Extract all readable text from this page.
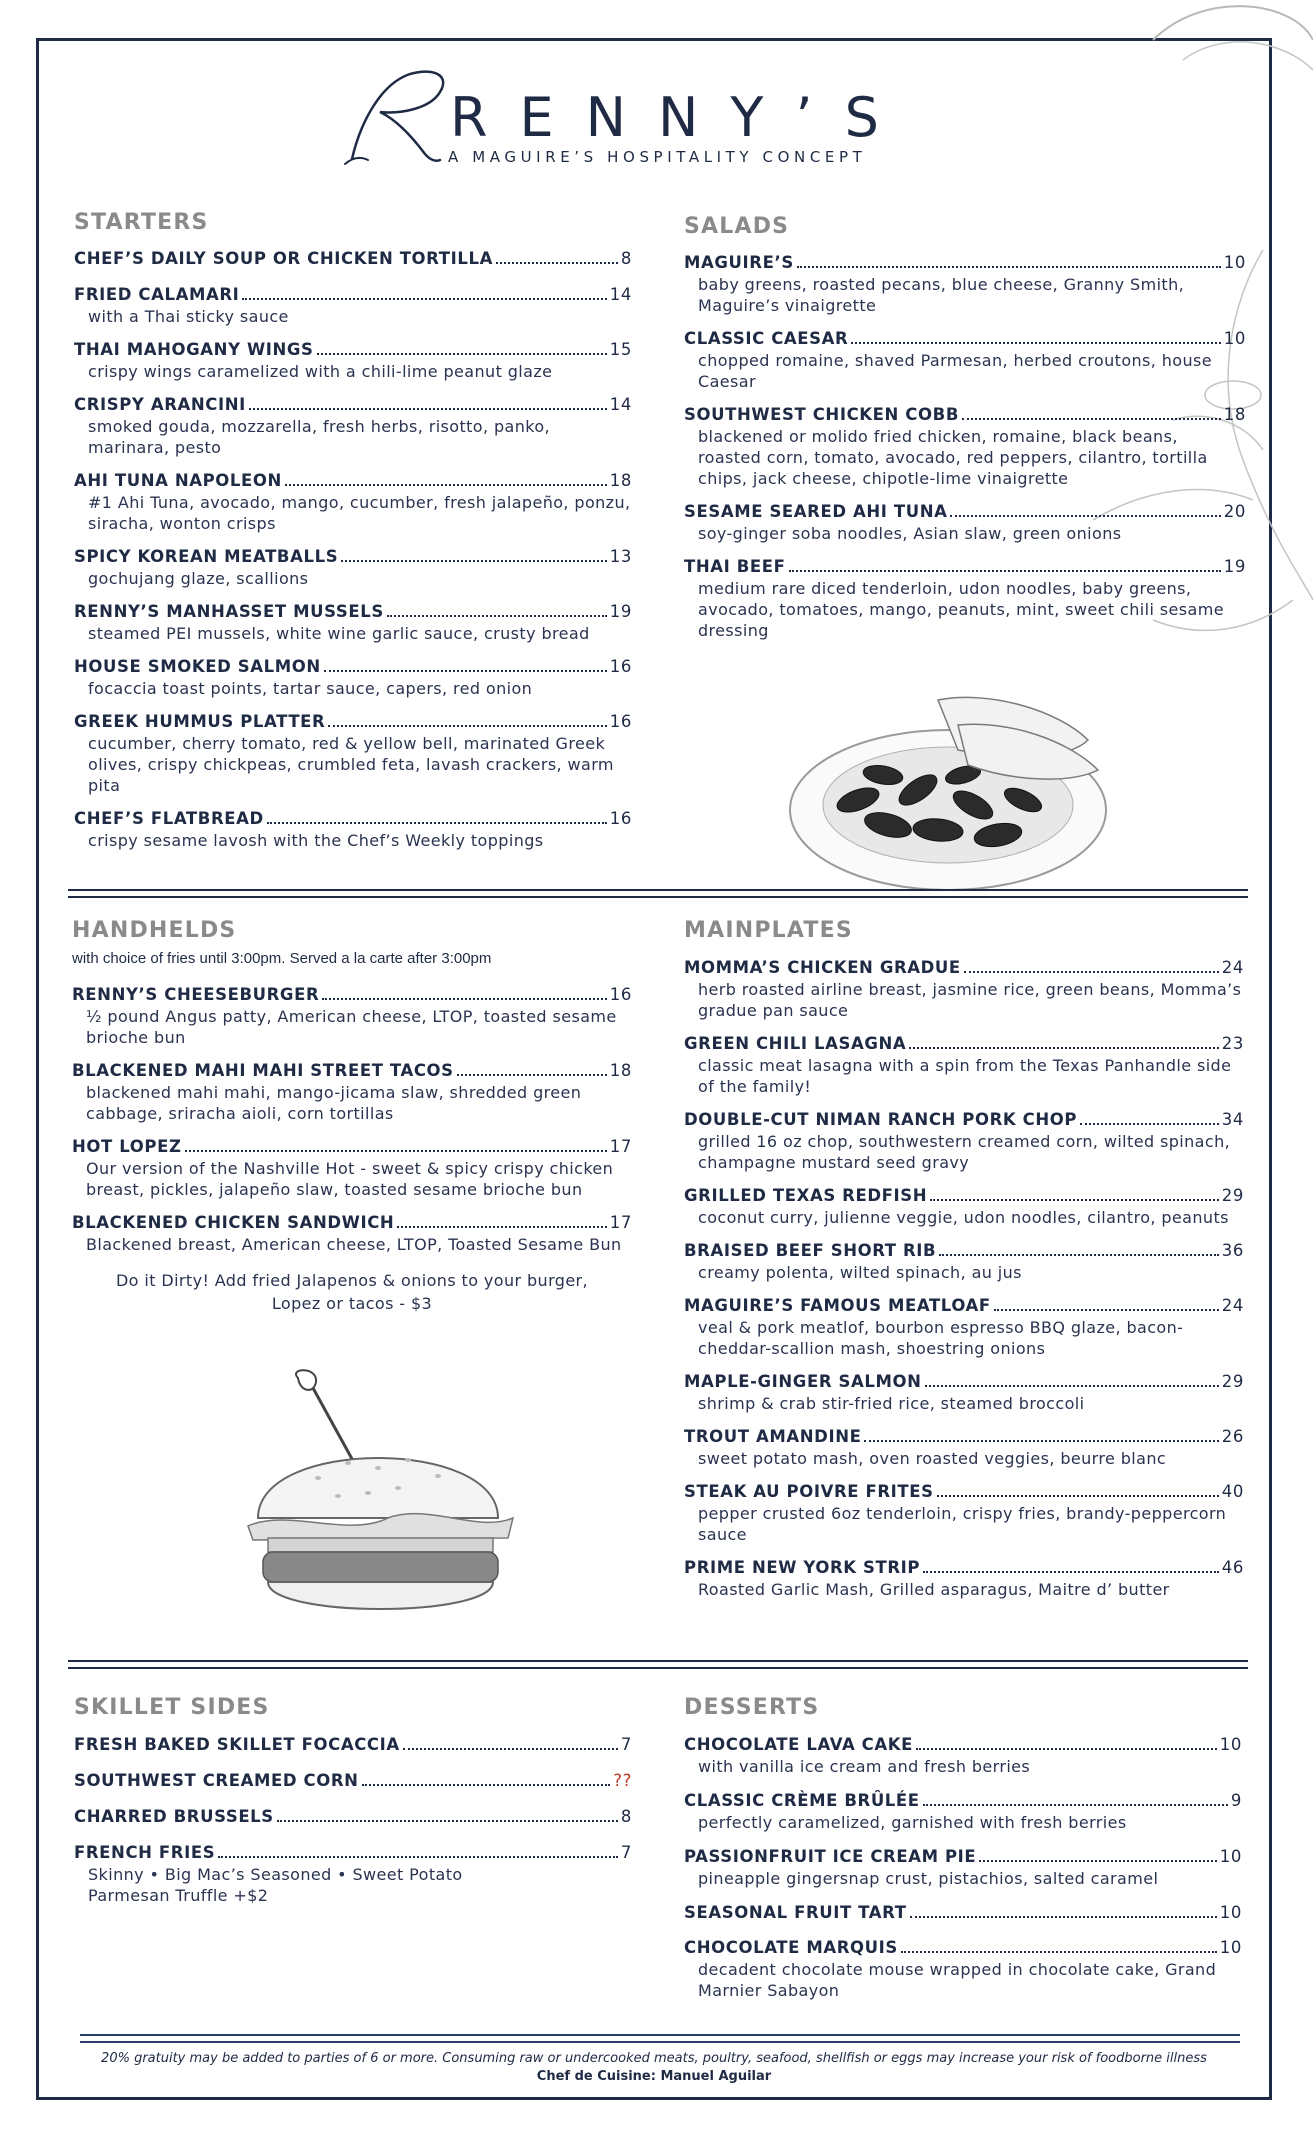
RENNY’S
A MAGUIRE’S HOSPITALITY CONCEPT
STARTERS
CHEF’S DAILY SOUP OR CHICKEN TORTILLA	8
FRIED CALAMARI	14
with a Thai sticky sauce
THAI MAHOGANY WINGS	15
crispy wings caramelized with a chili-lime peanut glaze
CRISPY ARANCINI	14
smoked gouda, mozzarella, fresh herbs, risotto, panko, marinara, pesto
AHI TUNA NAPOLEON	18
#1 Ahi Tuna, avocado, mango, cucumber, fresh jalapeño, ponzu, siracha, wonton crisps
SPICY KOREAN MEATBALLS	13
gochujang glaze, scallions
RENNY’S MANHASSET MUSSELS	19
steamed PEI mussels, white wine garlic sauce, crusty bread
HOUSE SMOKED SALMON	16
focaccia toast points, tartar sauce, capers, red onion
GREEK HUMMUS PLATTER	16
cucumber, cherry tomato, red & yellow bell, marinated Greek olives, crispy chickpeas, crumbled feta, lavash crackers, warm pita
CHEF’S FLATBREAD	16
crispy sesame lavosh with the Chef’s Weekly toppings
SALADS
MAGUIRE’S	10
baby greens, roasted pecans, blue cheese, Granny Smith, Maguire’s vinaigrette
CLASSIC CAESAR	10
chopped romaine, shaved Parmesan, herbed croutons, house Caesar
SOUTHWEST CHICKEN COBB	18
blackened or molido fried chicken, romaine, black beans, roasted corn, tomato, avocado, red peppers, cilantro, tortilla chips, jack cheese, chipotle-lime vinaigrette
SESAME SEARED AHI TUNA	20
soy-ginger soba noodles, Asian slaw, green onions
THAI BEEF	19
medium rare diced tenderloin, udon noodles, baby greens, avocado, tomatoes, mango, peanuts, mint, sweet chili sesame dressing
HANDHELDS
with choice of fries until 3:00pm. Served a la carte after 3:00pm
RENNY’S CHEESEBURGER	16
½ pound Angus patty, American cheese, LTOP, toasted sesame brioche bun
BLACKENED MAHI MAHI STREET TACOS	18
blackened mahi mahi, mango-jicama slaw, shredded green cabbage, sriracha aioli, corn tortillas
HOT LOPEZ	17
Our version of the Nashville Hot - sweet & spicy crispy chicken breast, pickles, jalapeño slaw, toasted sesame brioche bun
BLACKENED CHICKEN SANDWICH	17
Blackened breast, American cheese, LTOP, Toasted Sesame Bun
Do it Dirty! Add fried Jalapenos & onions to your burger, Lopez or tacos - $3
MAINPLATES
MOMMA’S CHICKEN GRADUE	24
herb roasted airline breast, jasmine rice, green beans, Momma’s gradue pan sauce
GREEN CHILI LASAGNA	23
classic meat lasagna with a spin from the Texas Panhandle side of the family!
DOUBLE-CUT NIMAN RANCH PORK CHOP	34
grilled 16 oz chop, southwestern creamed corn, wilted spinach, champagne mustard seed gravy
GRILLED TEXAS REDFISH	29
coconut curry, julienne veggie, udon noodles, cilantro, peanuts
BRAISED BEEF SHORT RIB	36
creamy polenta, wilted spinach, au jus
MAGUIRE’S FAMOUS MEATLOAF	24
veal & pork meatlof, bourbon espresso BBQ glaze, bacon-cheddar-scallion mash, shoestring onions
MAPLE-GINGER SALMON	29
shrimp & crab stir-fried rice, steamed broccoli
TROUT AMANDINE	26
sweet potato mash, oven roasted veggies, beurre blanc
STEAK AU POIVRE FRITES	40
pepper crusted 6oz tenderloin, crispy fries, brandy-peppercorn sauce
PRIME NEW YORK STRIP	46
Roasted Garlic Mash, Grilled asparagus, Maitre d’ butter
SKILLET SIDES
FRESH BAKED SKILLET FOCACCIA	7
SOUTHWEST CREAMED CORN	??
CHARRED BRUSSELS	8
FRENCH FRIES	7
Skinny • Big Mac’s Seasoned • Sweet Potato Parmesan Truffle +$2
DESSERTS
CHOCOLATE LAVA CAKE	10
with vanilla ice cream and fresh berries
CLASSIC CRÈME BRÛLÉE	9
perfectly caramelized, garnished with fresh berries
PASSIONFRUIT ICE CREAM PIE	10
pineapple gingersnap crust, pistachios, salted caramel
SEASONAL FRUIT TART	10
CHOCOLATE MARQUIS	10
decadent chocolate mouse wrapped in chocolate cake, Grand Marnier Sabayon
20% gratuity may be added to parties of 6 or more. Consuming raw or undercooked meats, poultry, seafood, shellfish or eggs may increase your risk of foodborne illness
Chef de Cuisine: Manuel Aguilar
